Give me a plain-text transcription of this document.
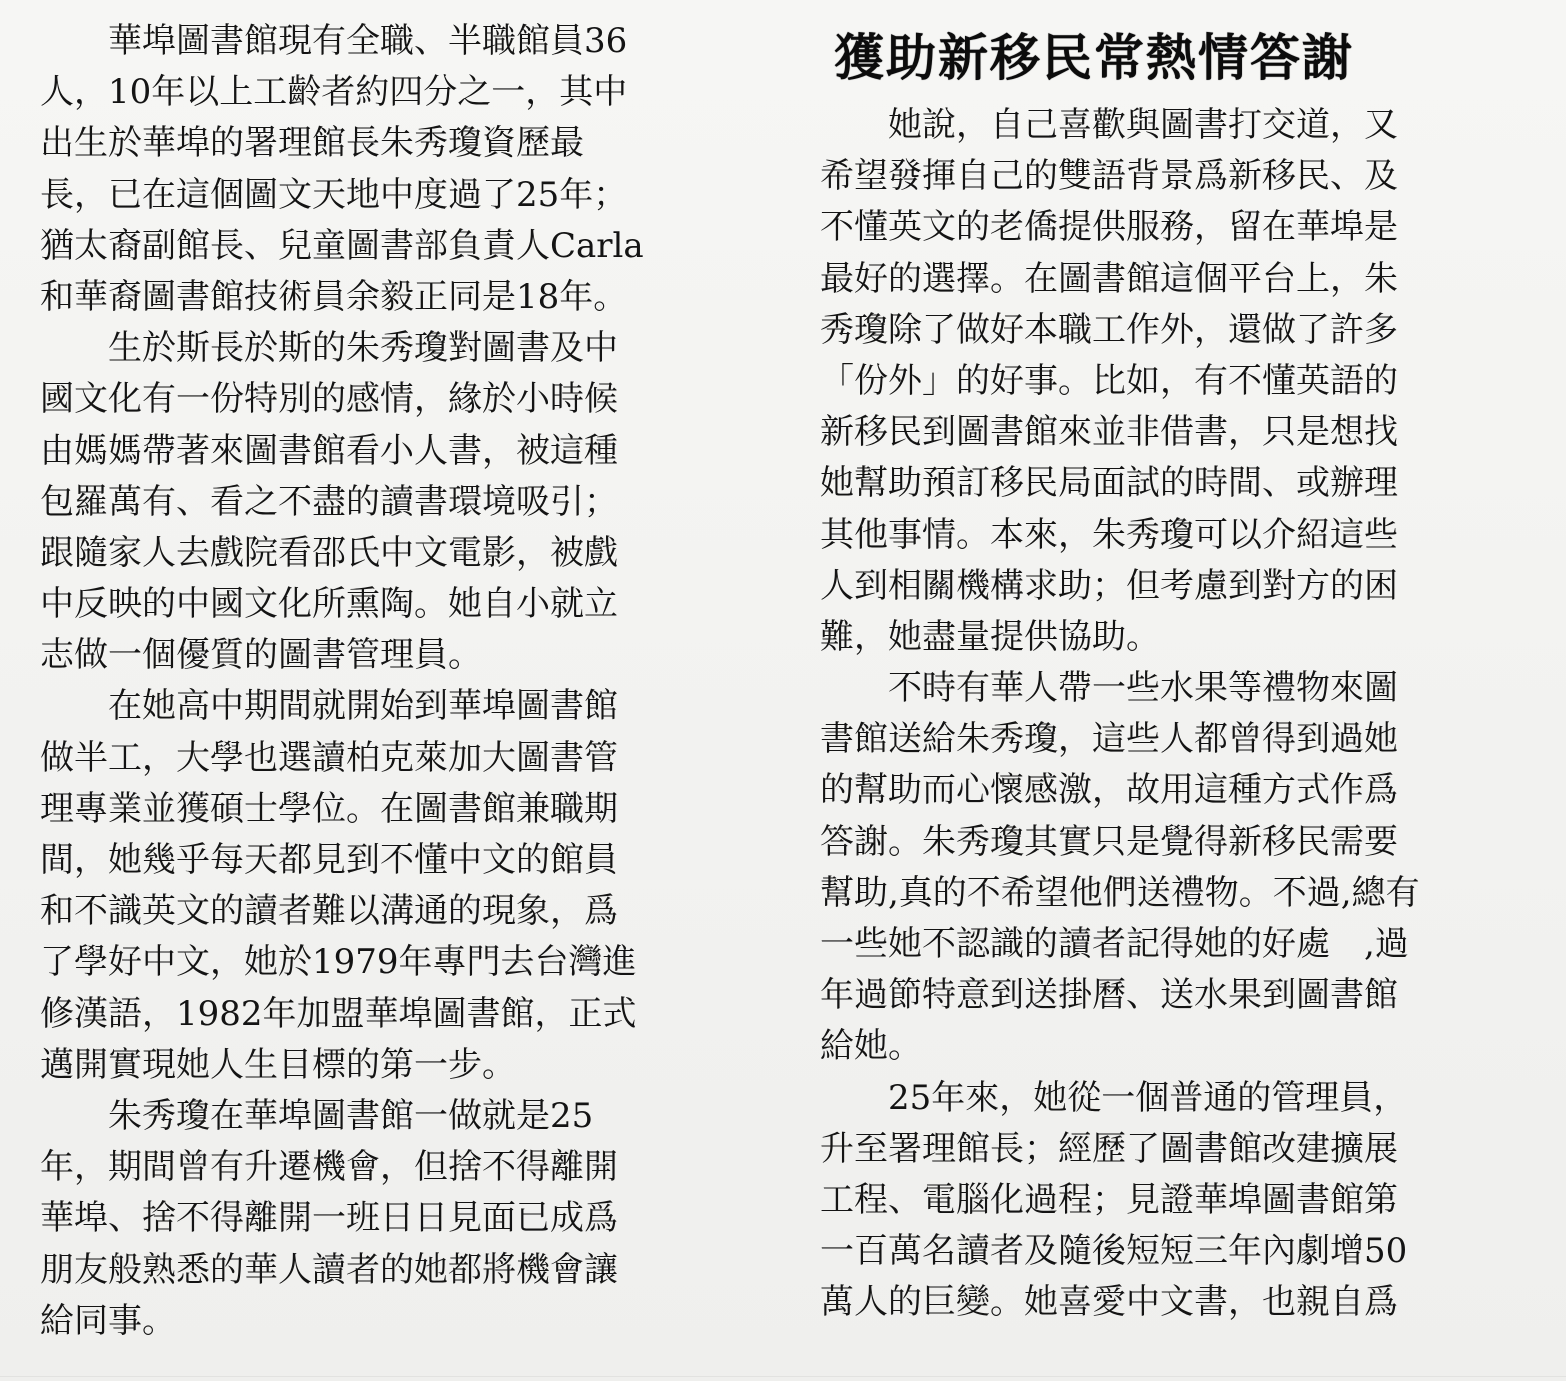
　　華埠圖書館現有全職、半職館員36
人，10年以上工齡者約四分之一，其中
出生於華埠的署理館長朱秀瓊資歷最
長，已在這個圖文天地中度過了25年；
猶太裔副館長、兒童圖書部負責人Carla
和華裔圖書館技術員余毅正同是18年。
　　生於斯長於斯的朱秀瓊對圖書及中
國文化有一份特別的感情，緣於小時候
由媽媽帶著來圖書館看小人書，被這種
包羅萬有、看之不盡的讀書環境吸引；
跟隨家人去戲院看邵氏中文電影，被戲
中反映的中國文化所熏陶。她自小就立
志做一個優質的圖書管理員。
　　在她高中期間就開始到華埠圖書館
做半工，大學也選讀柏克萊加大圖書管
理專業並獲碩士學位。在圖書館兼職期
間，她幾乎每天都見到不懂中文的館員
和不識英文的讀者難以溝通的現象，爲
了學好中文，她於1979年專門去台灣進
修漢語，1982年加盟華埠圖書館，正式
邁開實現她人生目標的第一步。
　　朱秀瓊在華埠圖書館一做就是25
年，期間曾有升遷機會，但捨不得離開
華埠、捨不得離開一班日日見面已成爲
朋友般熟悉的華人讀者的她都將機會讓
給同事。
獲助新移民常熱情答謝
　　她說，自己喜歡與圖書打交道，又
希望發揮自己的雙語背景爲新移民、及
不懂英文的老僑提供服務，留在華埠是
最好的選擇。在圖書館這個平台上，朱
秀瓊除了做好本職工作外，還做了許多
「份外」的好事。比如，有不懂英語的
新移民到圖書館來並非借書，只是想找
她幫助預訂移民局面試的時間、或辦理
其他事情。本來，朱秀瓊可以介紹這些
人到相關機構求助；但考慮到對方的困
難，她盡量提供協助。
　　不時有華人帶一些水果等禮物來圖
書館送給朱秀瓊，這些人都曾得到過她
的幫助而心懷感激，故用這種方式作爲
答謝。朱秀瓊其實只是覺得新移民需要
幫助,真的不希望他們送禮物。不過,總有
一些她不認識的讀者記得她的好處　,過
年過節特意到送掛曆、送水果到圖書館
給她。
　　25年來，她從一個普通的管理員，
升至署理館長；經歷了圖書館改建擴展
工程、電腦化過程；見證華埠圖書館第
一百萬名讀者及隨後短短三年內劇增50
萬人的巨變。她喜愛中文書，也親自爲
